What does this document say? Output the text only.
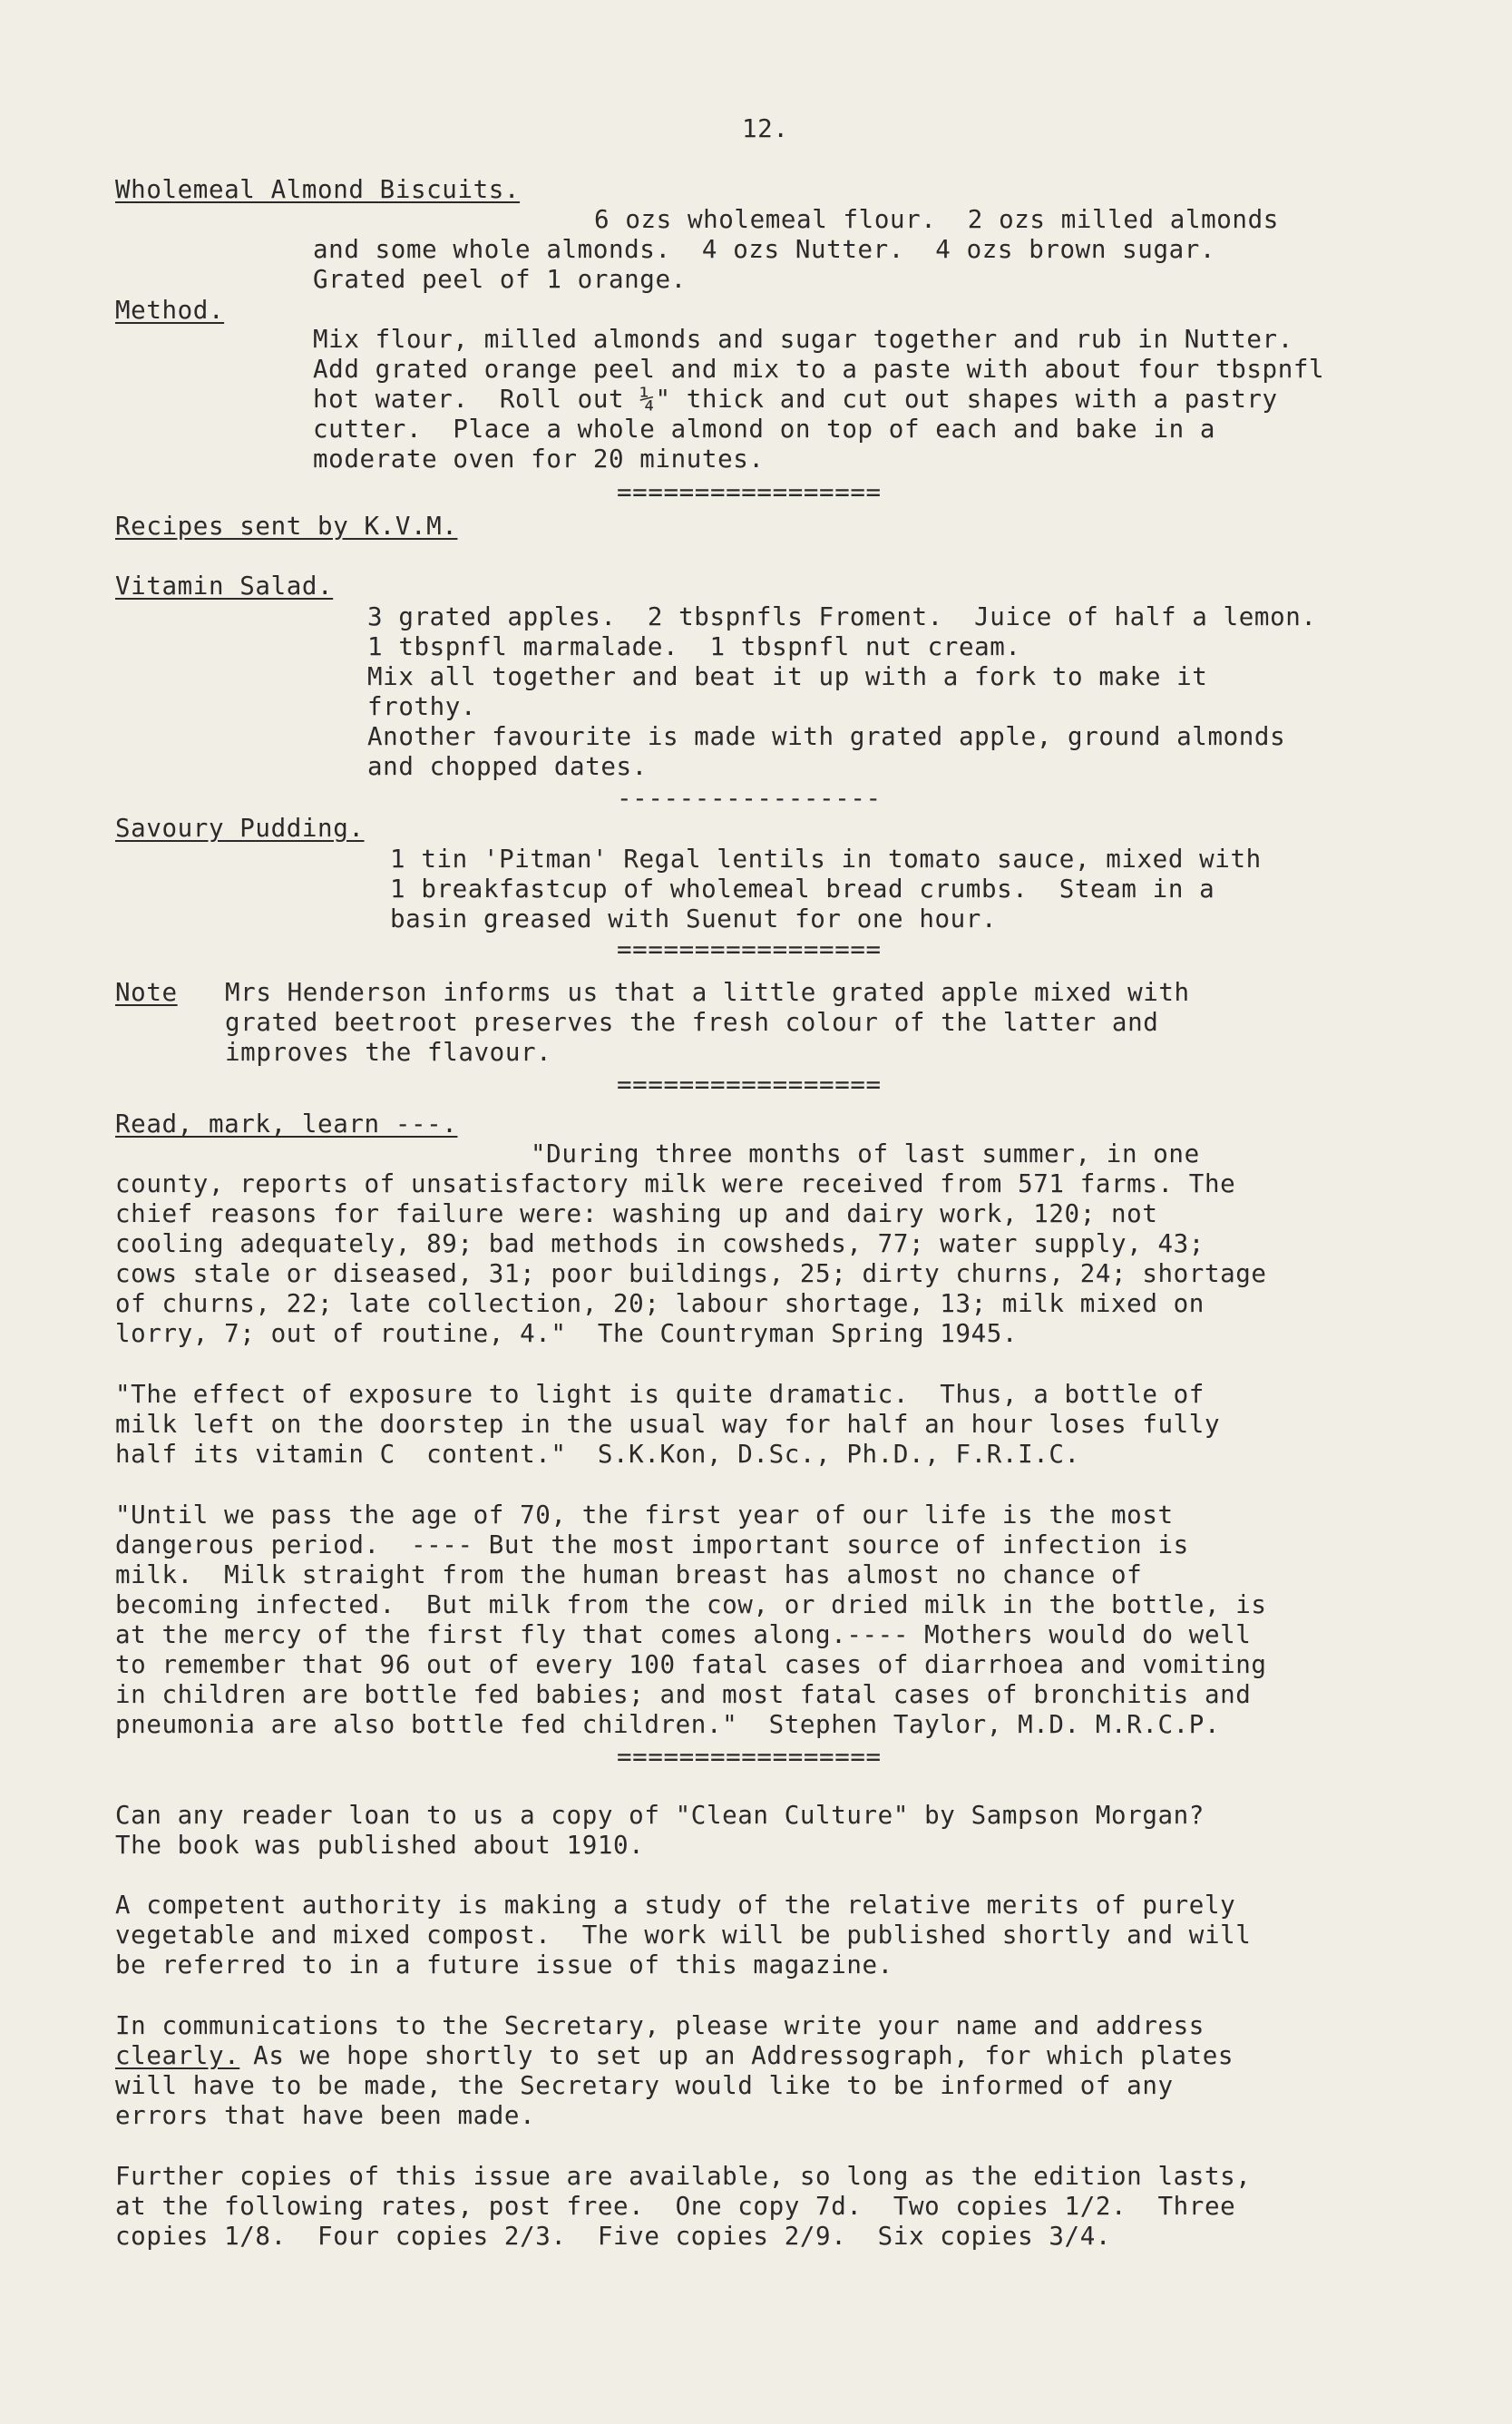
12.
Wholemeal Almond Biscuits.
6 ozs wholemeal flour.  2 ozs milled almonds
and some whole almonds.  4 ozs Nutter.  4 ozs brown sugar.
Grated peel of 1 orange.
Method.
Mix flour, milled almonds and sugar together and rub in Nutter.
Add grated orange peel and mix to a paste with about four tbspnfl
hot water.  Roll out ¼" thick and cut out shapes with a pastry
cutter.  Place a whole almond on top of each and bake in a
moderate oven for 20 minutes.
=================
Recipes sent by K.V.M.
Vitamin Salad.
3 grated apples.  2 tbspnfls Froment.  Juice of half a lemon.
1 tbspnfl marmalade.  1 tbspnfl nut cream.
Mix all together and beat it up with a fork to make it
frothy.
Another favourite is made with grated apple, ground almonds
and chopped dates.
-----------------
Savoury Pudding.
1 tin 'Pitman' Regal lentils in tomato sauce, mixed with
1 breakfastcup of wholemeal bread crumbs.  Steam in a
basin greased with Suenut for one hour.
=================
Note Mrs Henderson informs us that a little grated apple mixed with
grated beetroot preserves the fresh colour of the latter and
improves the flavour.
=================
Read, mark, learn ---.
"During three months of last summer, in one
county, reports of unsatisfactory milk were received from 571 farms. The
chief reasons for failure were: washing up and dairy work, 120; not
cooling adequately, 89; bad methods in cowsheds, 77; water supply, 43;
cows stale or diseased, 31; poor buildings, 25; dirty churns, 24; shortage
of churns, 22; late collection, 20; labour shortage, 13; milk mixed on
lorry, 7; out of routine, 4."  The Countryman Spring 1945.
"The effect of exposure to light is quite dramatic.  Thus, a bottle of
milk left on the doorstep in the usual way for half an hour loses fully
half its vitamin C  content."  S.K.Kon, D.Sc., Ph.D., F.R.I.C.
"Until we pass the age of 70, the first year of our life is the most
dangerous period.  ---- But the most important source of infection is
milk.  Milk straight from the human breast has almost no chance of
becoming infected.  But milk from the cow, or dried milk in the bottle, is
at the mercy of the first fly that comes along.---- Mothers would do well
to remember that 96 out of every 100 fatal cases of diarrhoea and vomiting
in children are bottle fed babies; and most fatal cases of bronchitis and
pneumonia are also bottle fed children."  Stephen Taylor, M.D. M.R.C.P.
=================
Can any reader loan to us a copy of "Clean Culture" by Sampson Morgan?
The book was published about 1910.
A competent authority is making a study of the relative merits of purely
vegetable and mixed compost.  The work will be published shortly and will
be referred to in a future issue of this magazine.
In communications to the Secretary, please write your name and address
clearly.
As we hope shortly to set up an Addressograph, for which plates
will have to be made, the Secretary would like to be informed of any
errors that have been made.
Further copies of this issue are available, so long as the edition lasts,
at the following rates, post free.  One copy 7d.  Two copies 1/2.  Three
copies 1/8.  Four copies 2/3.  Five copies 2/9.  Six copies 3/4.
